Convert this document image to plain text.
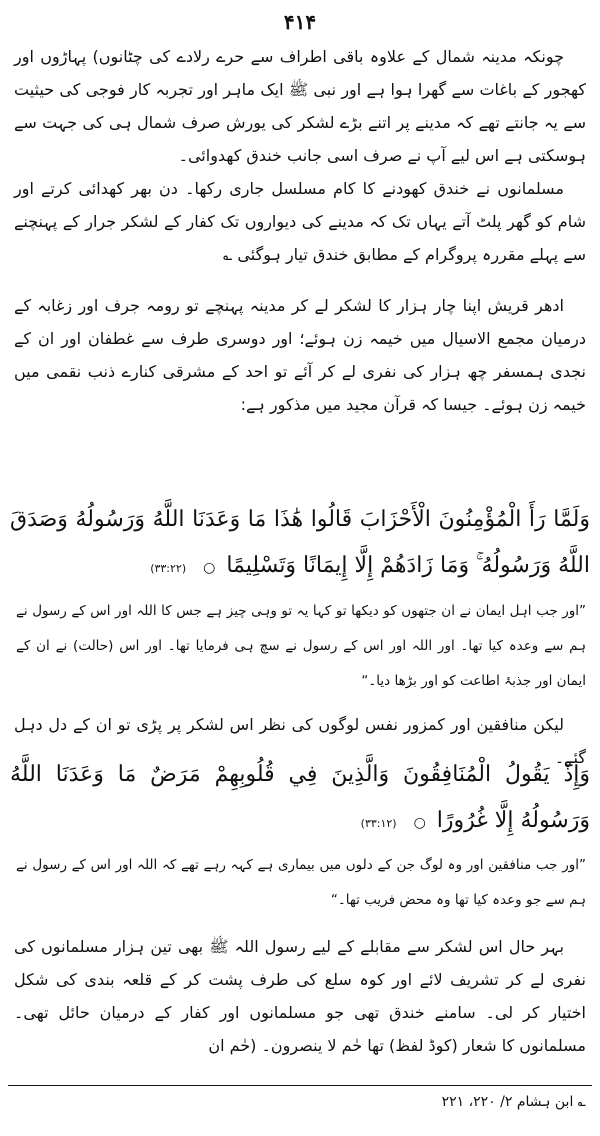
۴۱۴

چونکہ مدینہ شمال کے علاوہ باقی اطراف سے حرے رلادے کی چٹانوں) پہاڑوں اور کھجور کے باغات سے گھرا ہوا ہے اور نبی ﷺ ایک ماہر اور تجربہ کار فوجی کی حیثیت سے یہ جانتے تھے کہ مدینے پر اتنے بڑے لشکر کی یورش صرف شمال ہی کی جہت سے ہوسکتی ہے اس لیے آپ نے صرف اسی جانب خندق کھدوائی۔

مسلمانوں نے خندق کھودنے کا کام مسلسل جاری رکھا۔ دن بھر کھدائی کرتے اور شام کو گھر پلٹ آتے یہاں تک کہ مدینے کی دیواروں تک کفار کے لشکر جرار کے پہنچنے سے پہلے مقررہ پروگرام کے مطابق خندق تیار ہوگئی ؎

ادھر قریش اپنا چار ہزار کا لشکر لے کر مدینہ پہنچے تو رومہ جرف اور زغابہ کے درمیان مجمع الاسیال میں خیمہ زن ہوئے؛ اور دوسری طرف سے غطفان اور ان کے نجدی ہمسفر چھ ہزار کی نفری لے کر آئے تو احد کے مشرقی کنارے ذنب نقمی میں خیمہ زن ہوئے۔ جیسا کہ قرآن مجید میں مذکور ہے:

وَلَمَّا رَأَ الْمُؤْمِنُونَ الْأَحْزَابَ قَالُوا هَٰذَا مَا وَعَدَنَا اللَّهُ وَرَسُولُهُ وَصَدَقَ اللَّهُ وَرَسُولُهُ ۚ وَمَا زَادَهُمْ إِلَّا إِيمَانًا وَتَسْلِيمًا ○ (۳۳:۲۲)

”اور جب اہل ایمان نے ان جتھوں کو دیکھا تو کہا یہ تو وہی چیز ہے جس کا اللہ اور اس کے رسول نے ہم سے وعدہ کیا تھا۔ اور اللہ اور اس کے رسول نے سچ ہی فرمایا تھا۔ اور اس (حالت) نے ان کے ایمان اور جذبۂ اطاعت کو اور بڑھا دیا۔“

لیکن منافقین اور کمزور نفس لوگوں کی نظر اس لشکر پر پڑی تو ان کے دل دہل گئے۔

وَإِذْ يَقُولُ الْمُنَافِقُونَ وَالَّذِينَ فِي قُلُوبِهِمْ مَرَضٌ مَا وَعَدَنَا اللَّهُ وَرَسُولُهُ إِلَّا غُرُورًا ○ (۳۳:۱۲)

”اور جب منافقین اور وہ لوگ جن کے دلوں میں بیماری ہے کہہ رہے تھے کہ اللہ اور اس کے رسول نے ہم سے جو وعدہ کیا تھا وہ محض فریب تھا۔“

بہر حال اس لشکر سے مقابلے کے لیے رسول اللہ ﷺ بھی تین ہزار مسلمانوں کی نفری لے کر تشریف لائے اور کوہ سلع کی طرف پشت کر کے قلعہ بندی کی شکل اختیار کر لی۔ سامنے خندق تھی جو مسلمانوں اور کفار کے درمیان حائل تھی۔ مسلمانوں کا شعار (کوڈ لفظ) تھا حٰم لا ینصرون۔ (حٰم ان

؎ ابن ہشام ۲/ ۲۲۰، ۲۲۱
